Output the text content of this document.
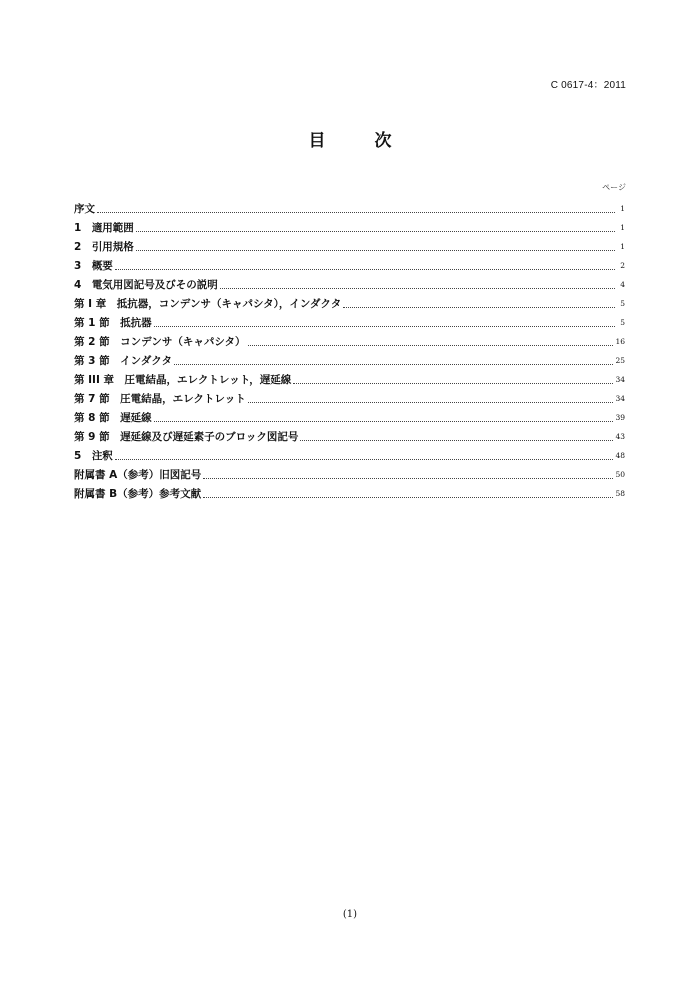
C 0617-4：2011
目　次
ページ
序文	1
1　 適用範囲	1
2　 引用規格	1
3　 概要	2
4　 電気用図記号及びその説明	4
第 I 章　抵抗器，コンデンサ（キャパシタ），インダクタ	5
第 1 節　抵抗器	5
第 2 節　コンデンサ（キャパシタ）	16
第 3 節　インダクタ	25
第 III 章　圧電結晶，エレクトレット，遅延線	34
第 7 節　圧電結晶，エレクトレット	34
第 8 節　遅延線	39
第 9 節　遅延線及び遅延素子のブロック図記号	43
5　 注釈	48
附属書 A（参考）旧図記号	50
附属書 B（参考）参考文献	58
(1)
